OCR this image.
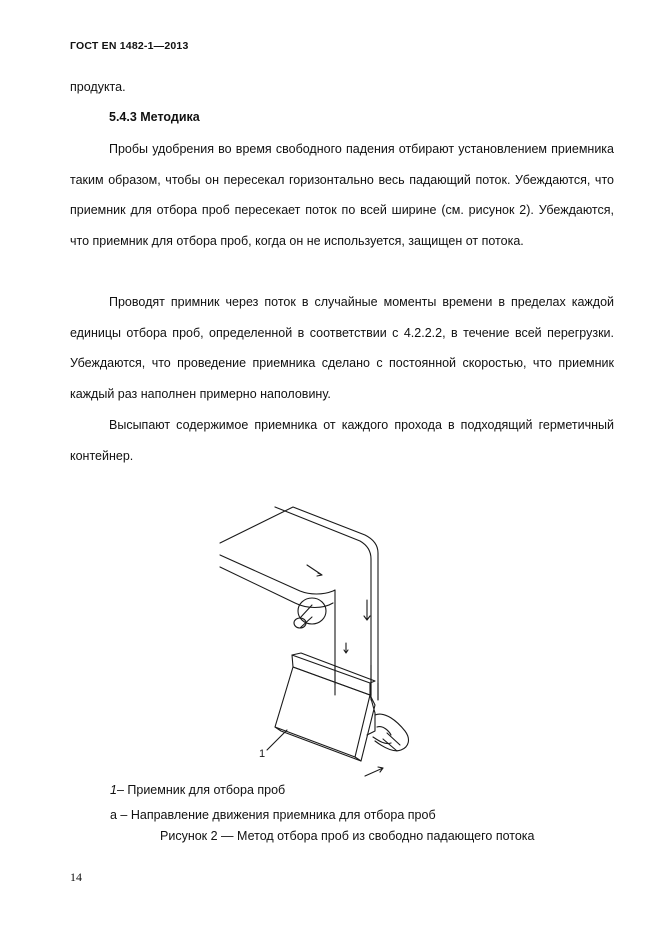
ГОСТ EN 1482-1—2013
продукта.
5.4.3 Методика
Пробы удобрения во время свободного падения отбирают установлением приемника таким образом, чтобы он пересекал горизонтально весь падающий поток. Убеждаются, что приемник для отбора проб пересекает поток по всей ширине (см. рисунок 2). Убеждаются, что приемник для отбора проб, когда он не используется, защищен от потока.
Проводят примник через поток в случайные моменты времени в пределах каждой единицы отбора проб, определенной в соответствии с 4.2.2.2, в течение всей перегрузки. Убеждаются, что проведение приемника сделано с постоянной скоростью, что приемник каждый раз наполнен примерно наполовину.
Высыпают содержимое приемника от каждого прохода в подходящий герметичный контейнер.
1
1– Приемник для отбора проб
а – Направление движения приемника для отбора проб
Рисунок 2 — Метод отбора проб из свободно падающего потока
14
